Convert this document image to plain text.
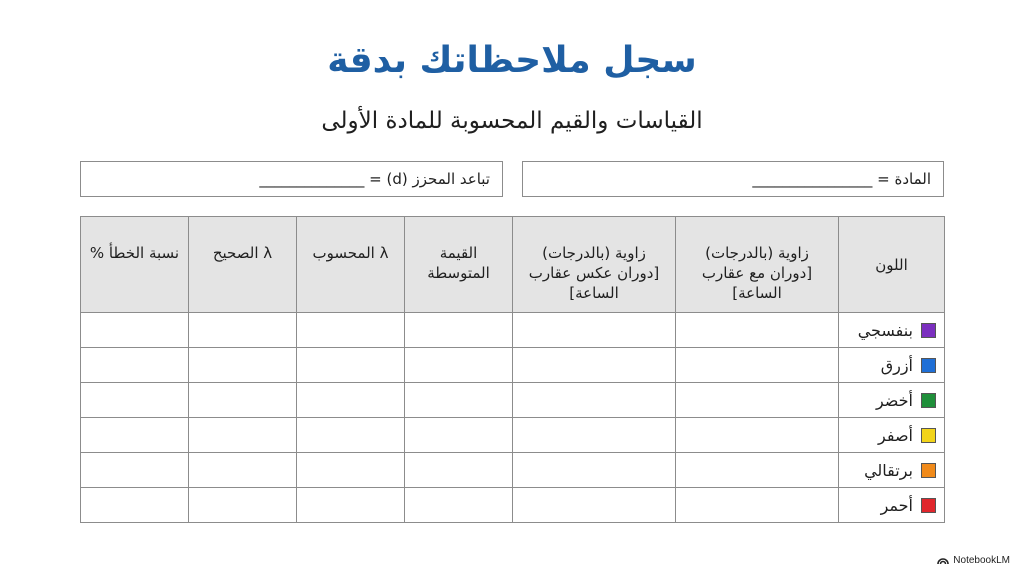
سجل ملاحظاتك بدقة
القياسات والقيم المحسوبة للمادة الأولى
المادة = ________________
تباعد المحزز (d) = ______________
اللون	زاوية (بالدرجات) [دوران مع عقارب الساعة]	زاوية (بالدرجات) [دوران عكس عقارب الساعة]	القيمة المتوسطة	λ المحسوب	λ الصحيح	نسبة الخطأ %

بنفسجي						

أزرق						

أخضر						

أصفر						

برتقالي						

أحمر						

NotebookLM
